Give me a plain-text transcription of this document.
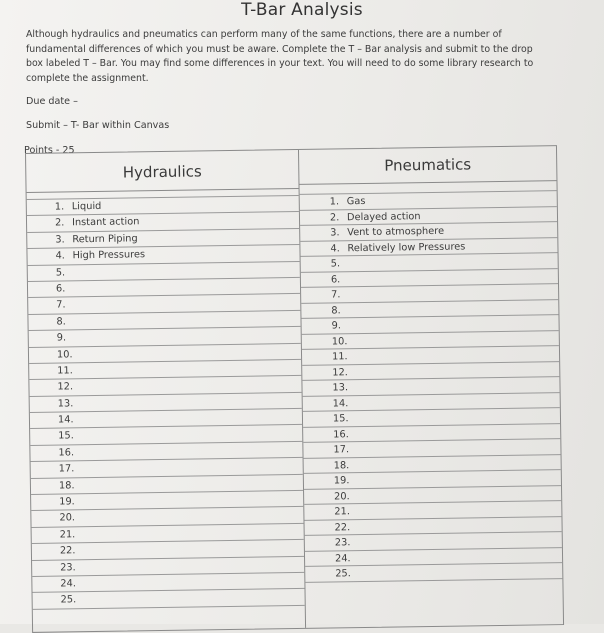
T-Bar Analysis
Although hydraulics and pneumatics can perform many of the same functions, there are a number of fundamental differences of which you must be aware. Complete the T – Bar analysis and submit to the drop box labeled T – Bar. You may find some differences in your text. You will need to do some library research to complete the assignment.
Due date –
Submit – T- Bar within Canvas
Points - 25
Hydraulics
1. Liquid
2. Instant action
3. Return Piping
4. High Pressures
5.
6.
7.
8.
9.
10.
11.
12.
13.
14.
15.
16.
17.
18.
19.
20.
21.
22.
23.
24.
25.
Pneumatics
1. Gas
2. Delayed action
3. Vent to atmosphere
4. Relatively low Pressures
5.
6.
7.
8.
9.
10.
11.
12.
13.
14.
15.
16.
17.
18.
19.
20.
21.
22.
23.
24.
25.
